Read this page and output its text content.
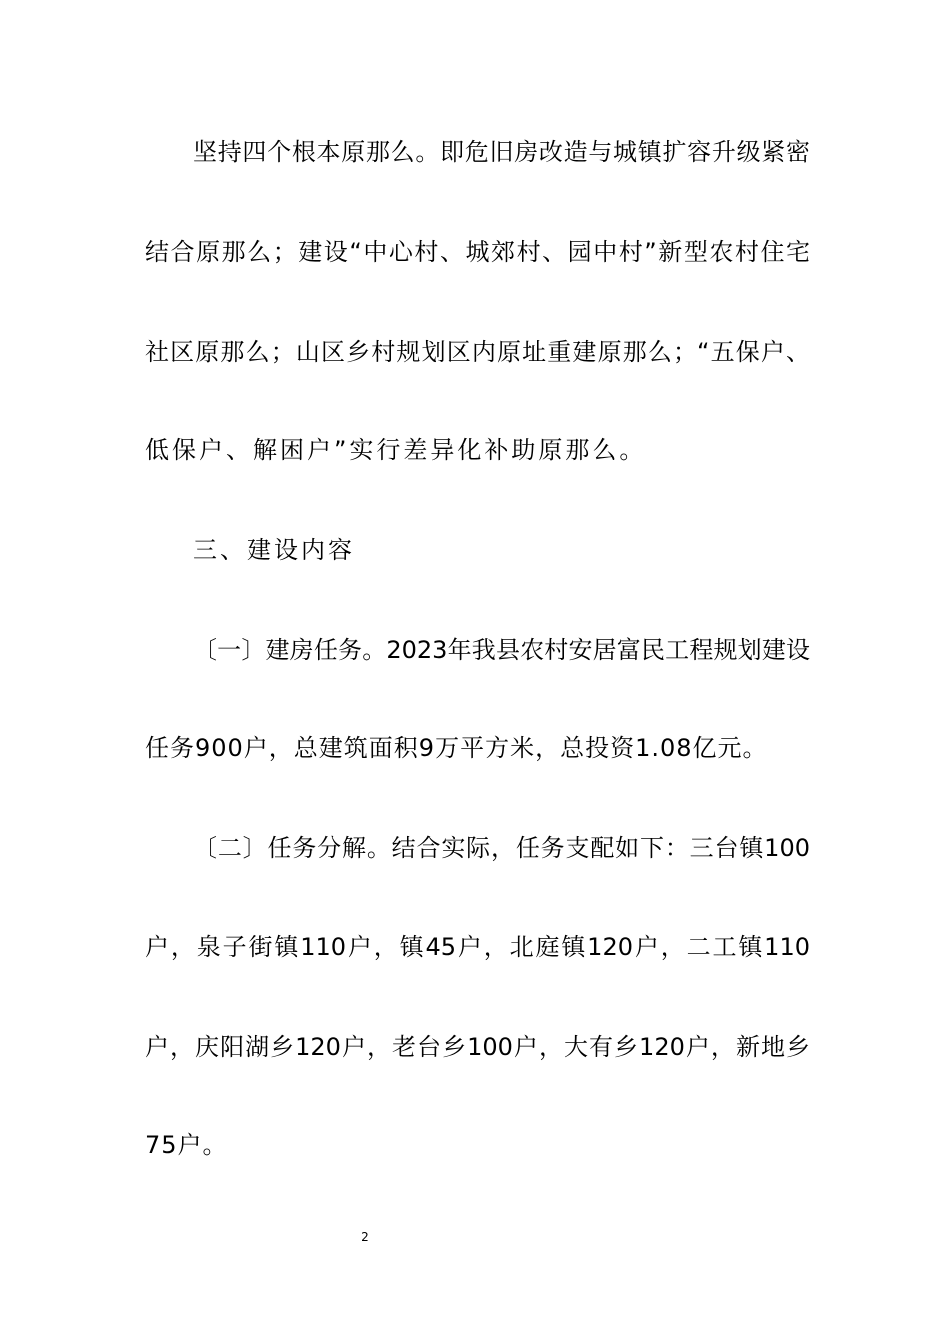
坚持四个根本原那么。即危旧房改造与城镇扩容升级紧密
结合原那么；建设“中心村、城郊村、园中村”新型农村住宅
社区原那么；山区乡村规划区内原址重建原那么；“五保户、
低保户、解困户”实行差异化补助原那么。
三、建设内容
〔一〕建房任务。2023年我县农村安居富民工程规划建设
任务900户，总建筑面积9万平方米，总投资1.08亿元。
〔二〕任务分解。结合实际，任务支配如下：三台镇100
户，泉子街镇110户，镇45户，北庭镇120户，二工镇110
户，庆阳湖乡120户，老台乡100户，大有乡120户，新地乡
75户。
2
